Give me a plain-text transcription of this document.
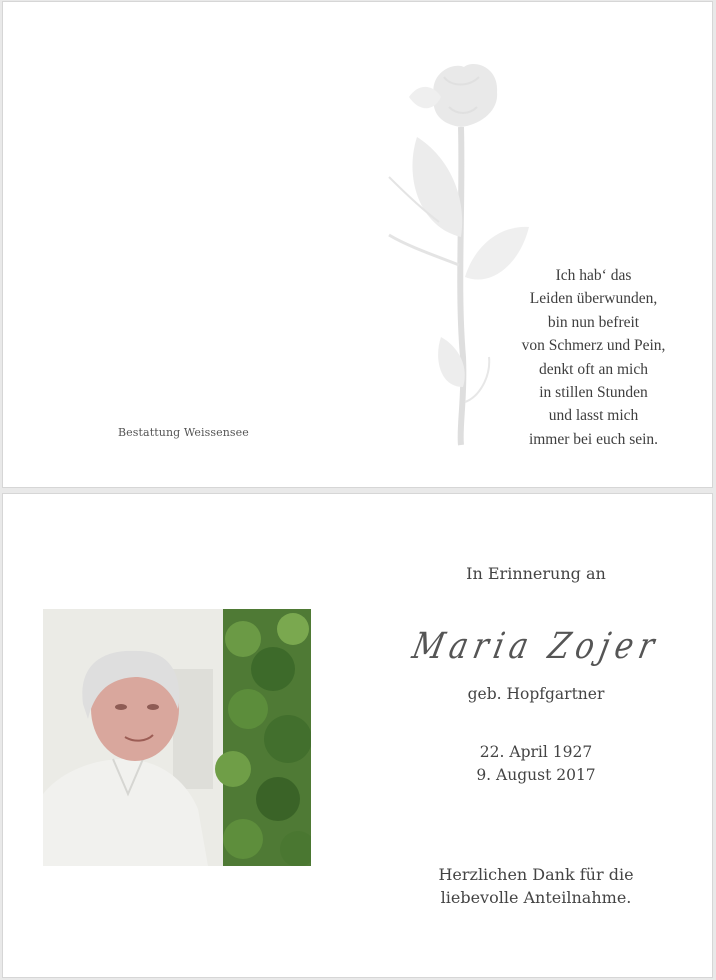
Ich hab‘ das
Leiden überwunden,
bin nun befreit
von Schmerz und Pein,
denkt oft an mich
in stillen Stunden
und lasst mich
immer bei euch sein.
Bestattung Weissensee
In Erinnerung an
Maria Zojer
geb. Hopfgartner
22. April 1927
9. August 2017
Herzlichen Dank für die
liebevolle Anteilnahme.
